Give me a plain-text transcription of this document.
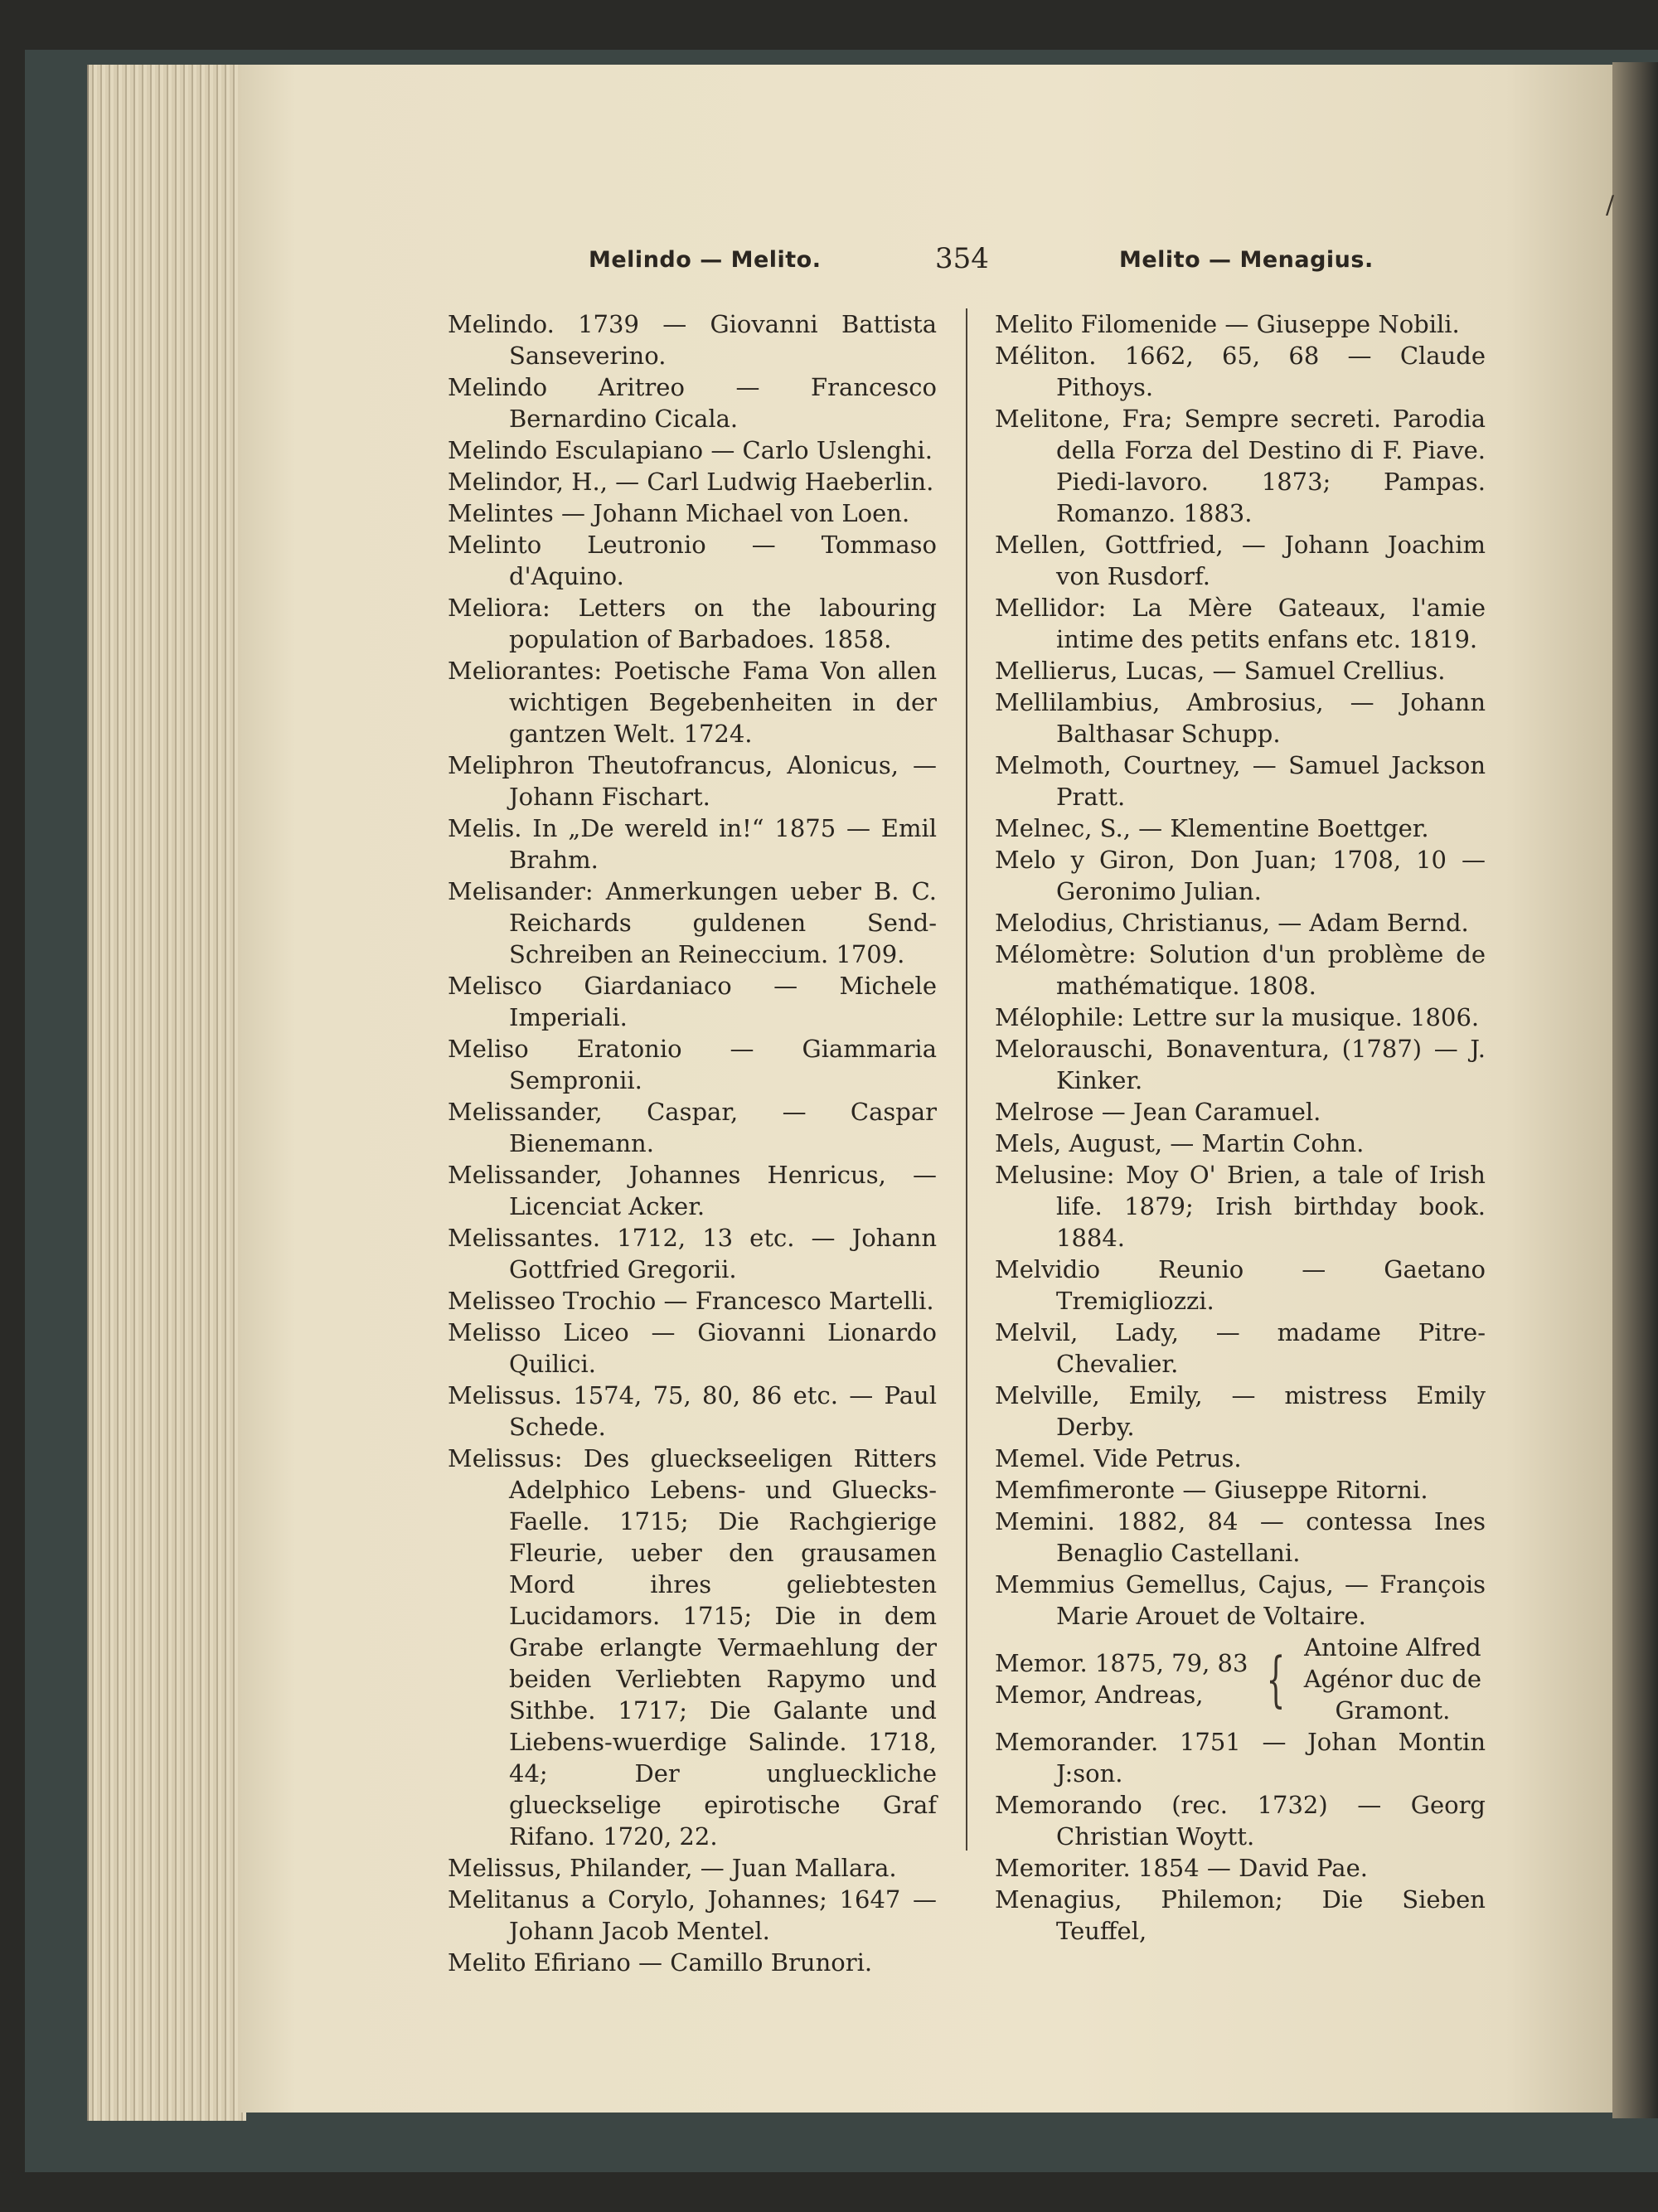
Melindo — Melito.	354	Melito — Menagius.
Melindo. 1739 — Giovanni Battista Sanseverino.
Melindo Aritreo — Francesco Bernardino Cicala.
Melindo Esculapiano — Carlo Uslenghi.
Melindor, H., — Carl Ludwig Haeberlin.
Melintes — Johann Michael von Loen.
Melinto Leutronio — Tommaso d'Aquino.
Meliora: Letters on the labouring population of Barbadoes. 1858.
Meliorantes: Poetische Fama Von allen wichtigen Begebenheiten in der gantzen Welt. 1724.
Meliphron Theutofrancus, Alonicus, — Johann Fischart.
Melis. In „De wereld in!“ 1875 — Emil Brahm.
Melisander: Anmerkungen ueber B. C. Reichards guldenen Send-Schreiben an Reineccium. 1709.
Melisco Giardaniaco — Michele Imperiali.
Meliso Eratonio — Giammaria Sempronii.
Melissander, Caspar, — Caspar Bienemann.
Melissander, Johannes Henricus, — Licenciat Acker.
Melissantes. 1712, 13 etc. — Johann Gottfried Gregorii.
Melisseo Trochio — Francesco Martelli.
Melisso Liceo — Giovanni Lionardo Quilici.
Melissus. 1574, 75, 80, 86 etc. — Paul Schede.
Melissus: Des glueckseeligen Ritters Adelphico Lebens- und Gluecks-Faelle. 1715; Die Rachgierige Fleurie, ueber den grausamen Mord ihres geliebtesten Lucidamors. 1715; Die in dem Grabe erlangte Vermaehlung der beiden Verliebten Rapymo und Sithbe. 1717; Die Galante und Liebens-wuerdige Salinde. 1718, 44; Der unglueckliche glueckselige epirotische Graf Rifano. 1720, 22.
Melissus, Philander, — Juan Mallara.
Melitanus a Corylo, Johannes; 1647 — Johann Jacob Mentel.
Melito Efiriano — Camillo Brunori.
Melito Filomenide — Giuseppe Nobili.
Méliton. 1662, 65, 68 — Claude Pithoys.
Melitone, Fra; Sempre secreti. Parodia della Forza del Destino di F. Piave. Piedi-lavoro. 1873; Pampas. Romanzo. 1883.
Mellen, Gottfried, — Johann Joachim von Rusdorf.
Mellidor: La Mère Gateaux, l'amie intime des petits enfans etc. 1819.
Mellierus, Lucas, — Samuel Crellius.
Mellilambius, Ambrosius, — Johann Balthasar Schupp.
Melmoth, Courtney, — Samuel Jackson Pratt.
Melnec, S., — Klementine Boettger.
Melo y Giron, Don Juan; 1708, 10 — Geronimo Julian.
Melodius, Christianus, — Adam Bernd.
Mélomètre: Solution d'un problème de mathématique. 1808.
Mélophile: Lettre sur la musique. 1806.
Melorauschi, Bonaventura, (1787) — J. Kinker.
Melrose — Jean Caramuel.
Mels, August, — Martin Cohn.
Melusine: Moy O' Brien, a tale of Irish life. 1879; Irish birthday book. 1884.
Melvidio Reunio — Gaetano Tremigliozzi.
Melvil, Lady, — madame Pitre-Chevalier.
Melville, Emily, — mistress Emily Derby.
Memel. Vide Petrus.
Memfimeronte — Giuseppe Ritorni.
Memini. 1882, 84 — contessa Ines Benaglio Castellani.
Memmius Gemellus, Cajus, — François Marie Arouet de Voltaire.
Memor. 1875, 79, 83
Memor, Andreas,	{ Antoine Alfred Agénor duc de Gramont.
Memorander. 1751 — Johan Montin J:son.
Memorando (rec. 1732) — Georg Christian Woytt.
Memoriter. 1854 — David Pae.
Menagius, Philemon; Die Sieben Teuffel,
/
